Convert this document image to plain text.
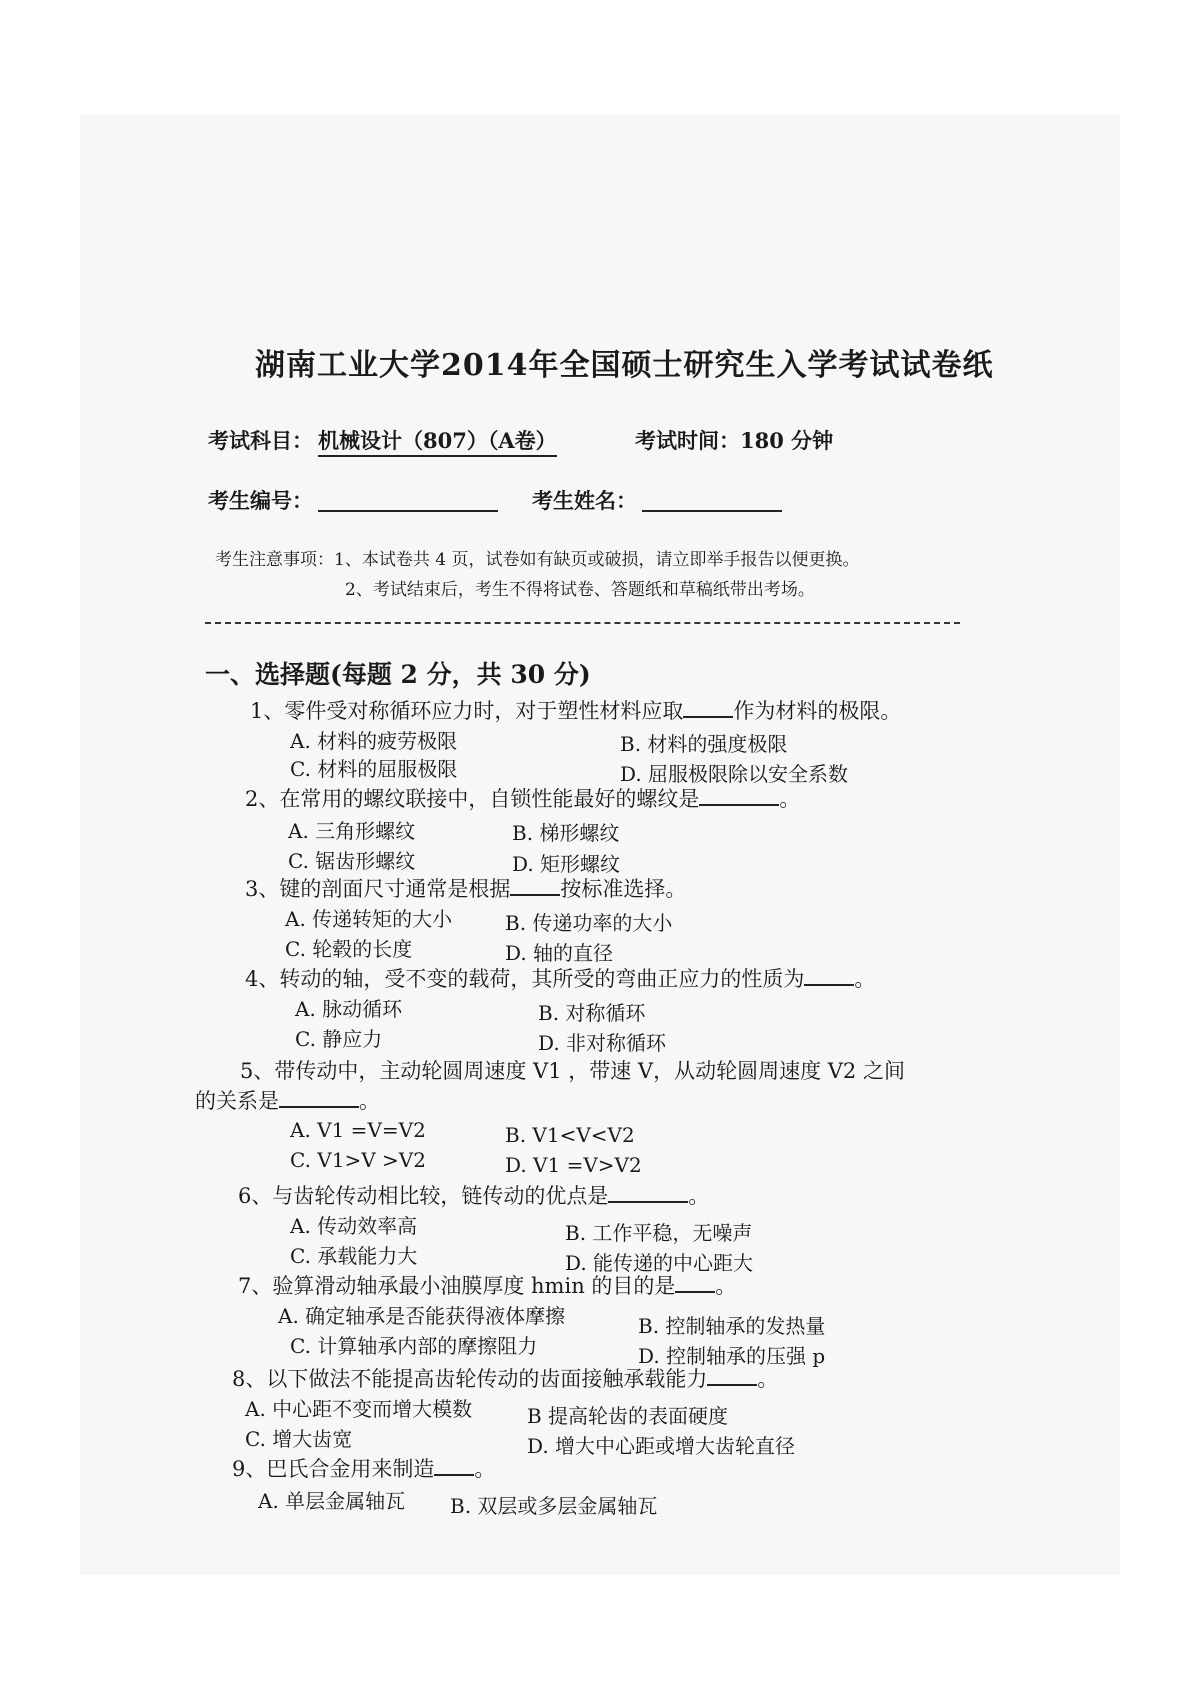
湖南工业大学2014年全国硕士研究生入学考试试卷纸
考试科目： 机械设计（807）（A卷）	考试时间： 180 分钟
考生编号：	考生姓名：
考生注意事项：1、本试卷共 4 页，试卷如有缺页或破损，请立即举手报告以便更换。
2、考试结束后，考生不得将试卷、答题纸和草稿纸带出考场。
一、选择题(每题 2 分，共 30 分)
1、零件受对称循环应力时，对于塑性材料应取 作为材料的极限。
A. 材料的疲劳极限	B. 材料的强度极限
C. 材料的屈服极限	D. 屈服极限除以安全系数
2、在常用的螺纹联接中，自锁性能最好的螺纹是	。
A. 三角形螺纹	B. 梯形螺纹
C. 锯齿形螺纹	D. 矩形螺纹
3、键的剖面尺寸通常是根据 按标准选择。
A. 传递转矩的大小	B. 传递功率的大小
C. 轮毂的长度	D. 轴的直径
4、转动的轴，受不变的载荷，其所受的弯曲正应力的性质为 。
A. 脉动循环	B. 对称循环
C. 静应力	D. 非对称循环
5、带传动中，主动轮圆周速度 V1 ，带速 V，从动轮圆周速度 V2 之间
的关系是	。
A. V1 =V=V2	B. V1<V<V2
C. V1>V >V2	D. V1 =V>V2
6、与齿轮传动相比较，链传动的优点是	。
A. 传动效率高	B. 工作平稳，无噪声
C. 承载能力大	D. 能传递的中心距大
7、验算滑动轴承最小油膜厚度 hmin 的目的是 。
A. 确定轴承是否能获得液体摩擦	B. 控制轴承的发热量
C. 计算轴承内部的摩擦阻力	D. 控制轴承的压强 p
8、以下做法不能提高齿轮传动的齿面接触承载能力 。
A. 中心距不变而增大模数	B 提高轮齿的表面硬度
C. 增大齿宽	D. 增大中心距或增大齿轮直径
9、巴氏合金用来制造 。
A. 单层金属轴瓦 B. 双层或多层金属轴瓦
